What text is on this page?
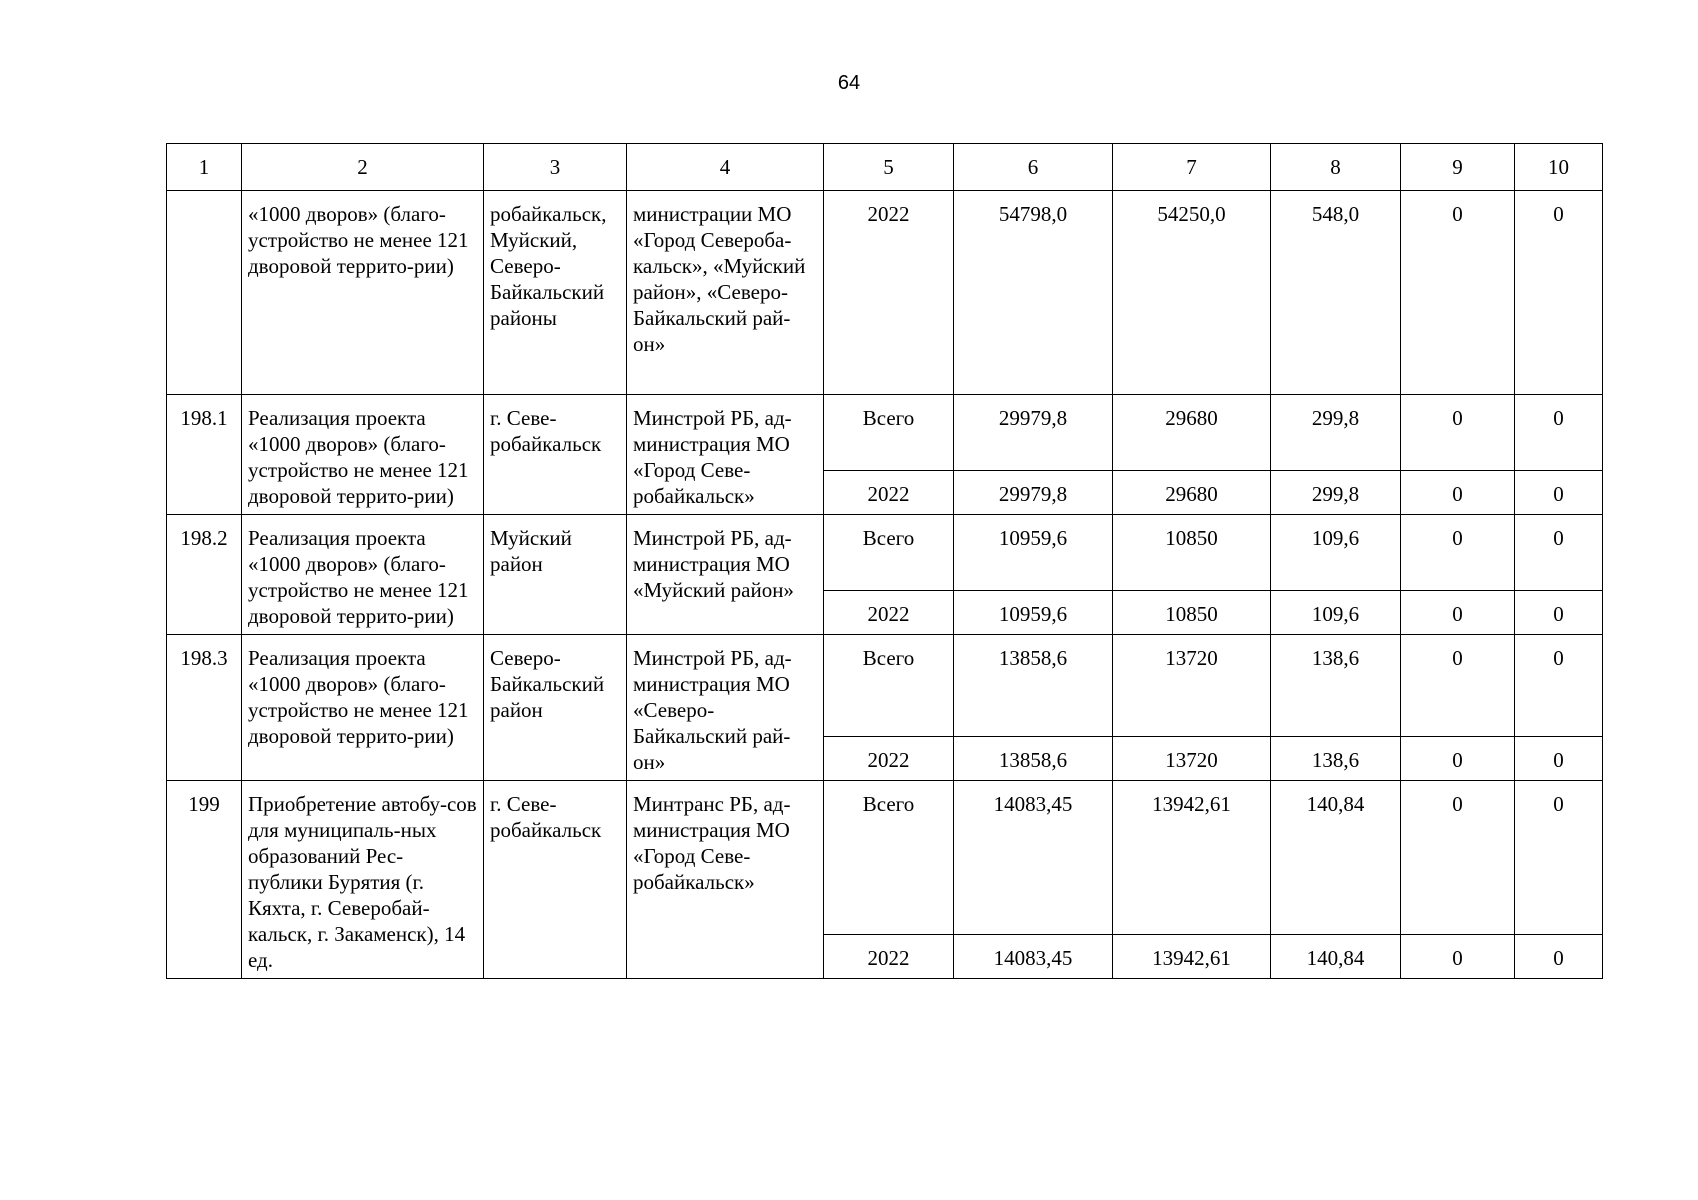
64
1	2	3	4	5	6	7	8	9	10
	«1000 дворов» (благо-устройство не менее 121 дворовой террито-рии)	робайкальск, Муйский, Северо-Байкальский районы	министрации МО «Город Североба-кальск», «Муйский район», «Северо-Байкальский рай-он»	2022	54798,0	54250,0	548,0	0	0
198.1	Реализация проекта «1000 дворов» (благо-устройство не менее 121 дворовой террито-рии)	г. Севе-робайкальск	Минстрой РБ, ад-министрация МО «Город Севе-робайкальск»	Всего	29979,8	29680	299,8	0	0
				2022	29979,8	29680	299,8	0	0
198.2	Реализация проекта «1000 дворов» (благо-устройство не менее 121 дворовой террито-рии)	Муйский район	Минстрой РБ, ад-министрация МО «Муйский район»	Всего	10959,6	10850	109,6	0	0
				2022	10959,6	10850	109,6	0	0
198.3	Реализация проекта «1000 дворов» (благо-устройство не менее 121 дворовой террито-рии)	Северо-Байкальский район	Минстрой РБ, ад-министрация МО «Северо-Байкальский рай-он»	Всего	13858,6	13720	138,6	0	0
				2022	13858,6	13720	138,6	0	0
199	Приобретение автобу-сов для муниципаль-ных образований Рес-публики Бурятия (г. Кяхта, г. Северобай-кальск, г. Закаменск), 14 ед.	г. Севе-робайкальск	Минтранс РБ, ад-министрация МО «Город Севе-робайкальск»	Всего	14083,45	13942,61	140,84	0	0
				2022	14083,45	13942,61	140,84	0	0
